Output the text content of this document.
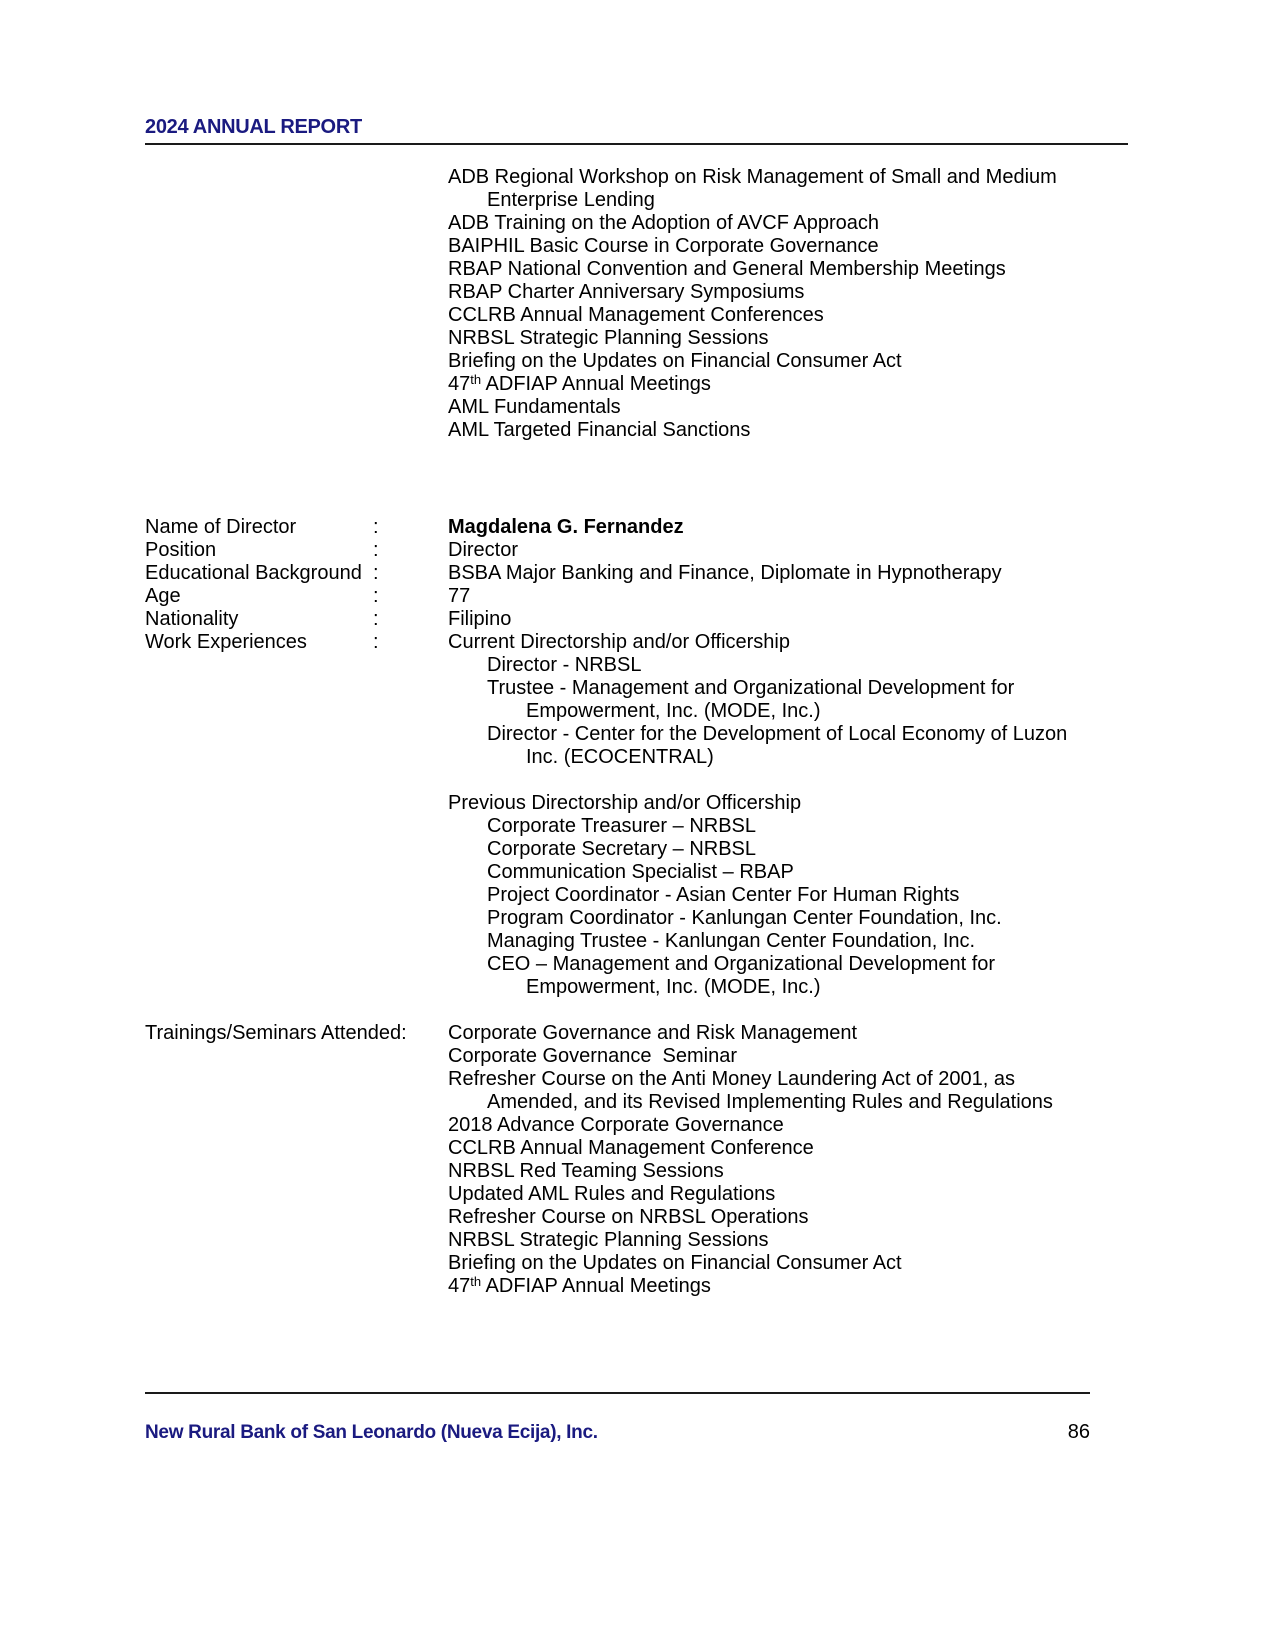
2024 ANNUAL REPORT
ADB Regional Workshop on Risk Management of Small and Medium
Enterprise Lending
ADB Training on the Adoption of AVCF Approach
BAIPHIL Basic Course in Corporate Governance
RBAP National Convention and General Membership Meetings
RBAP Charter Anniversary Symposiums
CCLRB Annual Management Conferences
NRBSL Strategic Planning Sessions
Briefing on the Updates on Financial Consumer Act
47th ADFIAP Annual Meetings
AML Fundamentals
AML Targeted Financial Sanctions
Name of Director	:	Magdalena G. Fernandez
Position	:	Director
Educational Background :	BSBA Major Banking and Finance, Diplomate in Hypnotherapy
Age	:	77
Nationality	:	Filipino
Work Experiences	:	Current Directorship and/or Officership
Director - NRBSL
Trustee - Management and Organizational Development for
Empowerment, Inc. (MODE, Inc.)
Director - Center for the Development of Local Economy of Luzon
Inc. (ECOCENTRAL)
Previous Directorship and/or Officership
Corporate Treasurer – NRBSL
Corporate Secretary – NRBSL
Communication Specialist – RBAP
Project Coordinator - Asian Center For Human Rights
Program Coordinator - Kanlungan Center Foundation, Inc.
Managing Trustee - Kanlungan Center Foundation, Inc.
CEO – Management and Organizational Development for
Empowerment, Inc. (MODE, Inc.)
Trainings/Seminars Attended : Corporate Governance and Risk Management
Corporate Governance  Seminar
Refresher Course on the Anti Money Laundering Act of 2001, as
Amended, and its Revised Implementing Rules and Regulations
2018 Advance Corporate Governance
CCLRB Annual Management Conference
NRBSL Red Teaming Sessions
Updated AML Rules and Regulations
Refresher Course on NRBSL Operations
NRBSL Strategic Planning Sessions
Briefing on the Updates on Financial Consumer Act
47th ADFIAP Annual Meetings
New Rural Bank of San Leonardo (Nueva Ecija), Inc.	86
